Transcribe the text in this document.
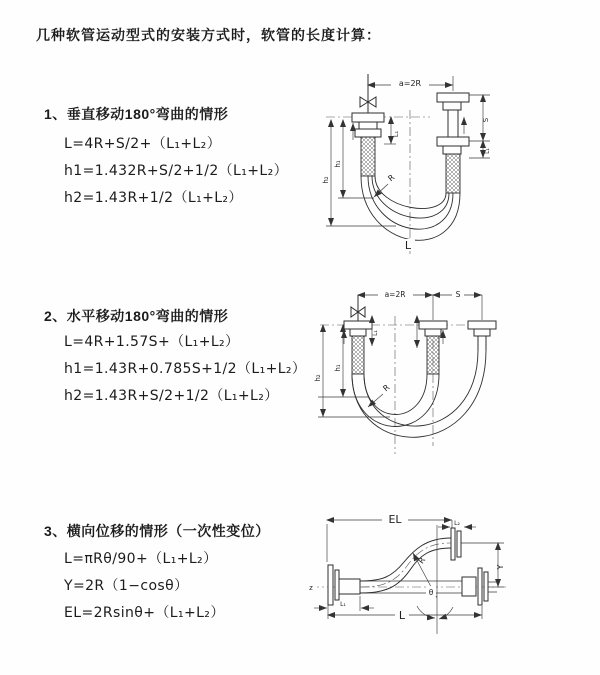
几种软管运动型式的安装方式时，软管的长度计算：
1、垂直移动180°弯曲的情形
L=4R+S/2+（L₁+L₂）
h1=1.432R+S/2+1/2（L₁+L₂）
h2=1.43R+1/2（L₁+L₂）
a=2R
L₁
S
L₁
h₁
h₂	R
L
2、水平移动180°弯曲的情形
L=4R+1.57S+（L₁+L₂）
h1=1.43R+0.785S+1/2（L₁+L₂）
h2=1.43R+S/2+1/2（L₁+L₂）
a=2R	S
L₁
h₁
h₂
R
3、横向位移的情形（一次性变位）
L=πRθ/90+（L₁+L₂）
Y=2R（1−cosθ）
EL=2Rsinθ+（L₁+L₂）
EL	L₂
Y
z
R
θ
L₁
L
